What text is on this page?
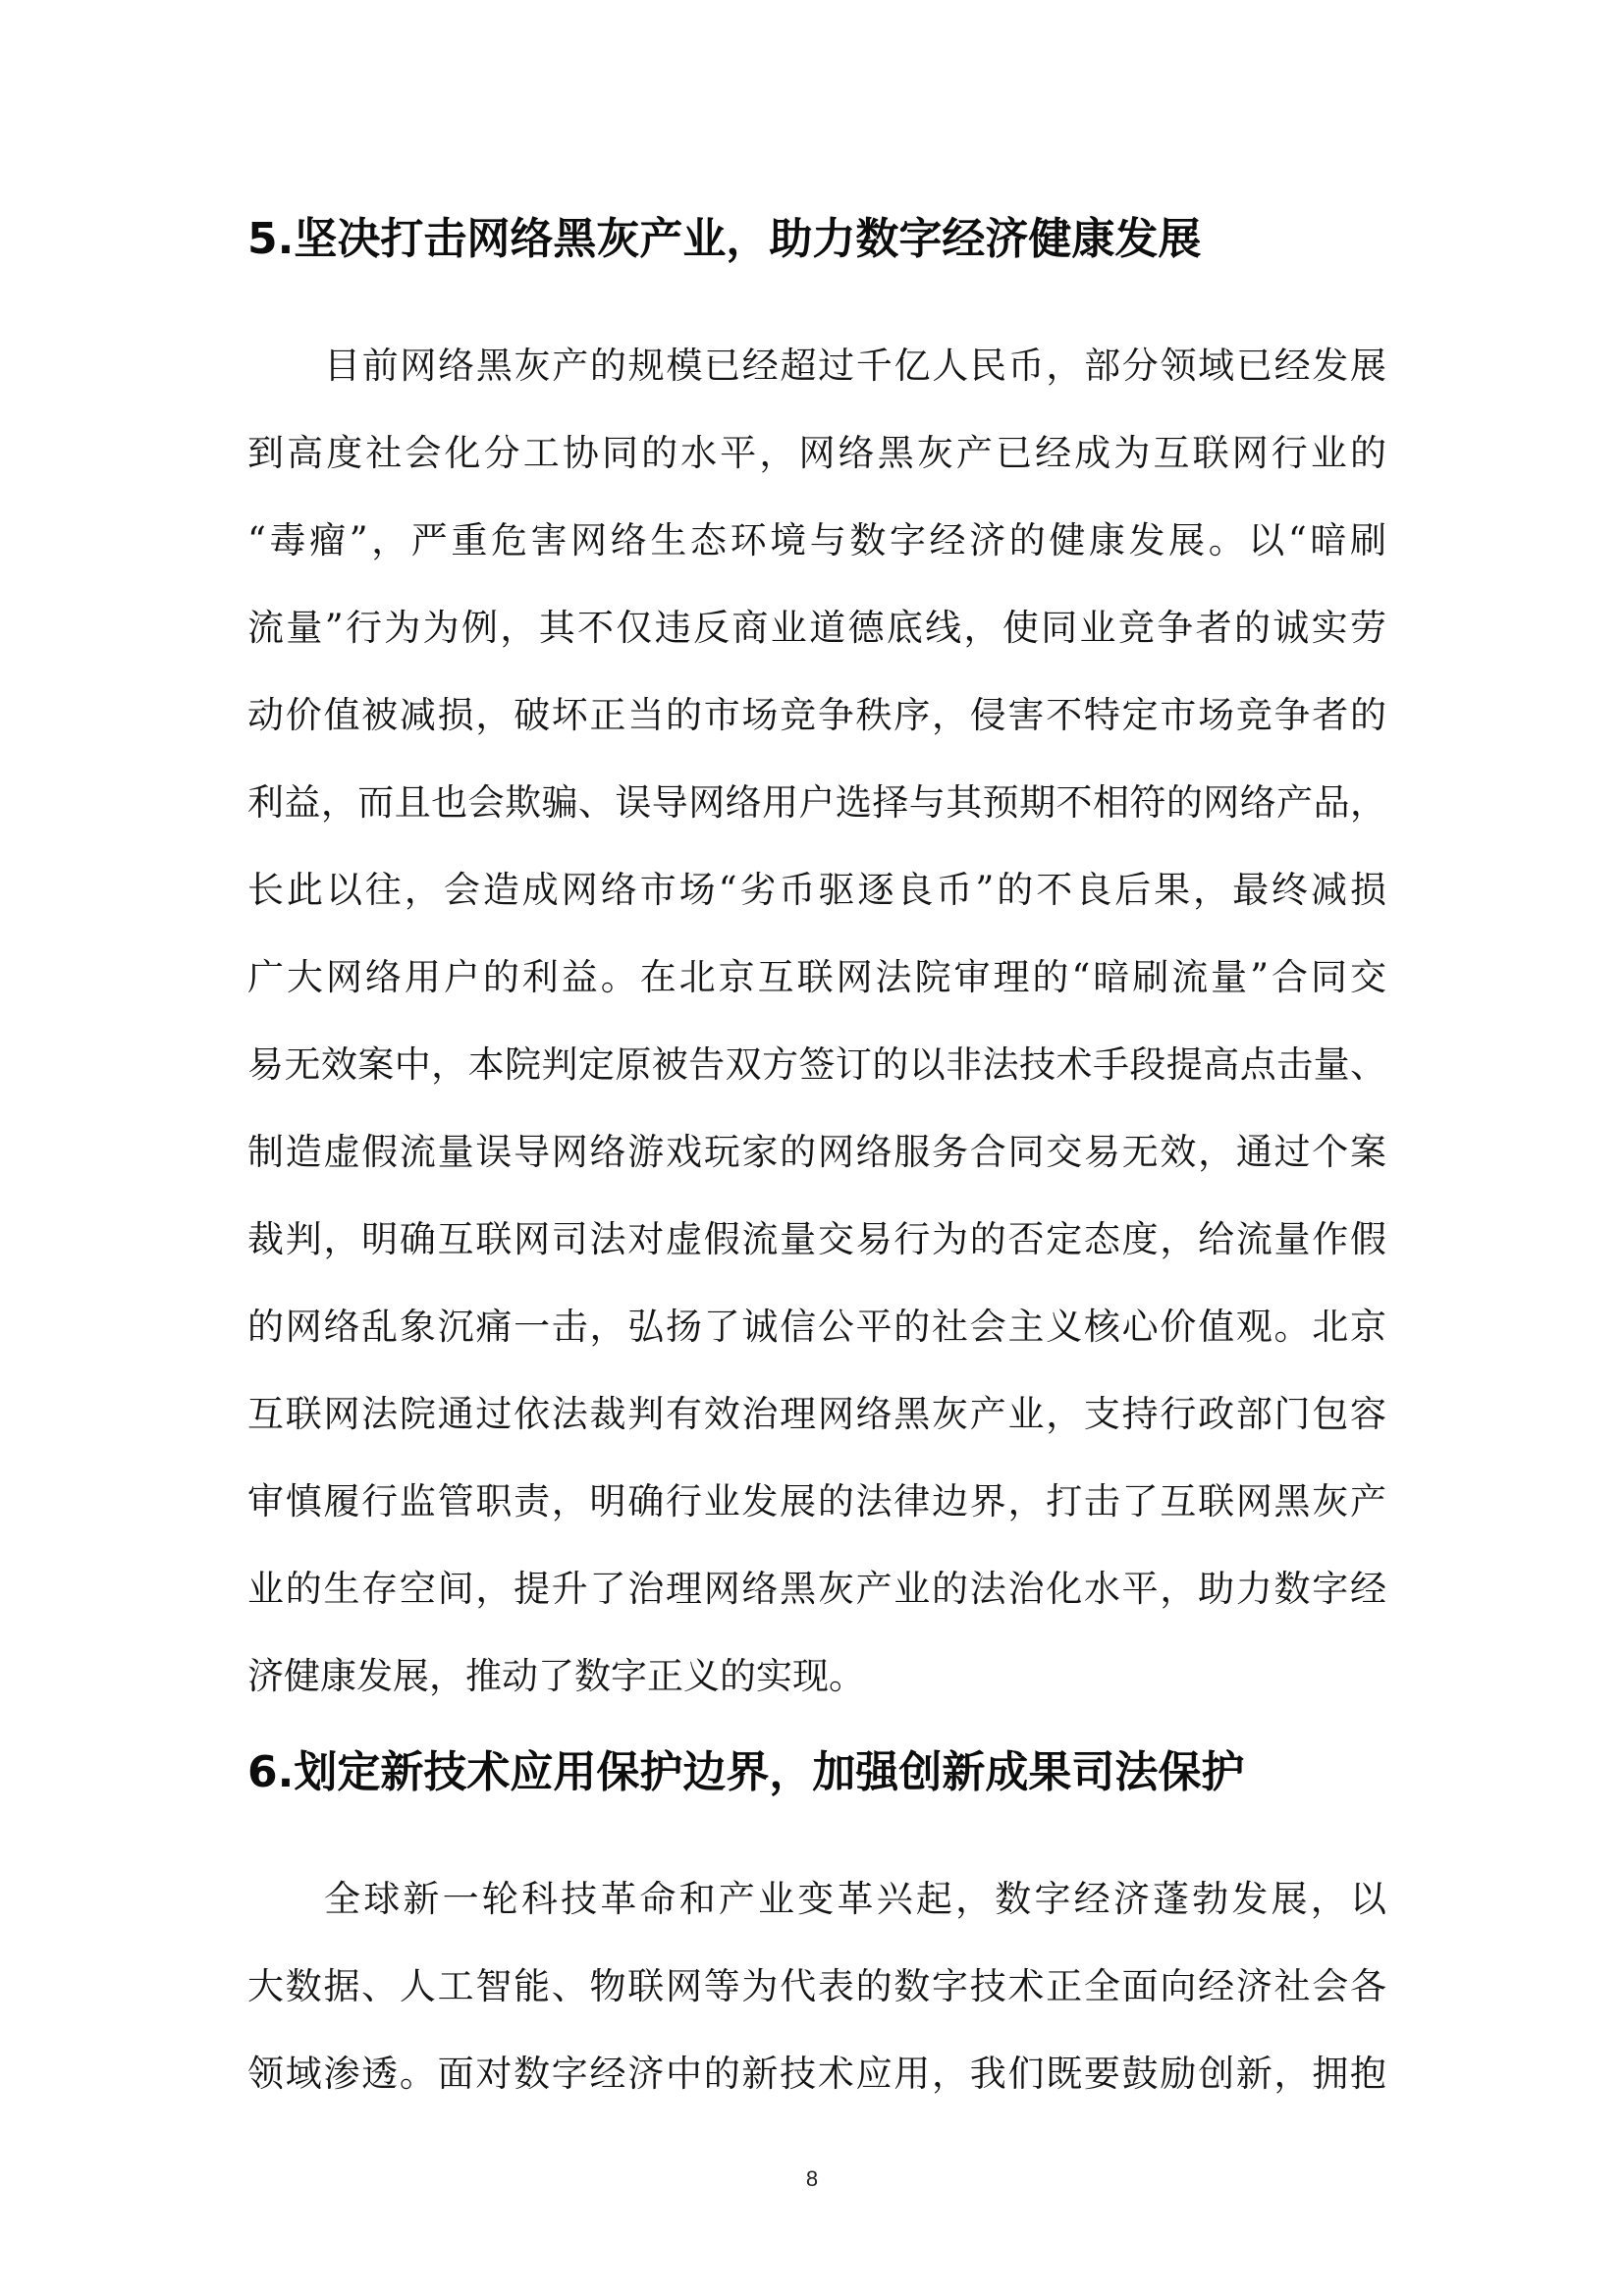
5.坚决打击网络黑灰产业，助力数字经济健康发展
目前网络黑灰产的规模已经超过千亿人民币，部分领域已经发展
到高度社会化分工协同的水平，网络黑灰产已经成为互联网行业的
“毒瘤”，严重危害网络生态环境与数字经济的健康发展。以“暗刷
流量”行为为例，其不仅违反商业道德底线，使同业竞争者的诚实劳
动价值被减损，破坏正当的市场竞争秩序，侵害不特定市场竞争者的
利益，而且也会欺骗、误导网络用户选择与其预期不相符的网络产品，
长此以往，会造成网络市场“劣币驱逐良币”的不良后果，最终减损
广大网络用户的利益。在北京互联网法院审理的“暗刷流量”合同交
易无效案中，本院判定原被告双方签订的以非法技术手段提高点击量、
制造虚假流量误导网络游戏玩家的网络服务合同交易无效，通过个案
裁判，明确互联网司法对虚假流量交易行为的否定态度，给流量作假
的网络乱象沉痛一击，弘扬了诚信公平的社会主义核心价值观。北京
互联网法院通过依法裁判有效治理网络黑灰产业，支持行政部门包容
审慎履行监管职责，明确行业发展的法律边界，打击了互联网黑灰产
业的生存空间，提升了治理网络黑灰产业的法治化水平，助力数字经
济健康发展，推动了数字正义的实现。
6.划定新技术应用保护边界，加强创新成果司法保护
全球新一轮科技革命和产业变革兴起，数字经济蓬勃发展，以
大数据、人工智能、物联网等为代表的数字技术正全面向经济社会各
领域渗透。面对数字经济中的新技术应用，我们既要鼓励创新，拥抱
8
